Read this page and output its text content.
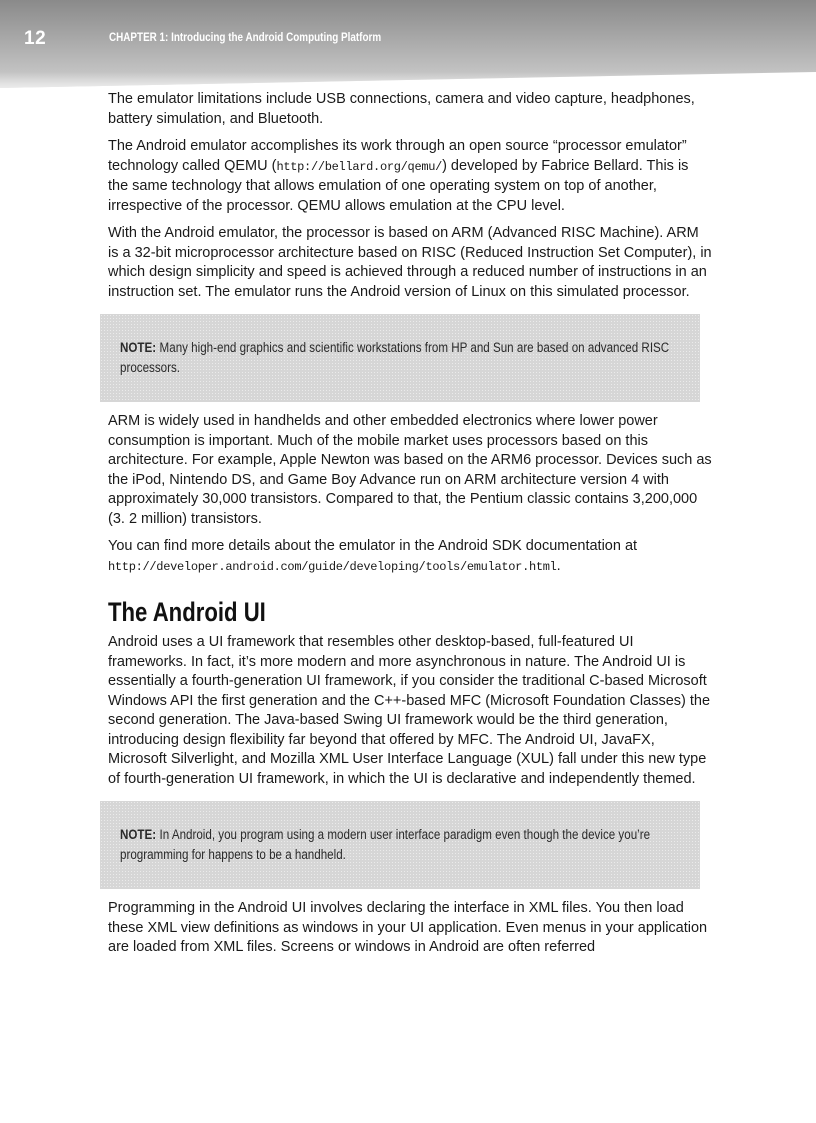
12	CHAPTER 1: Introducing the Android Computing Platform

The emulator limitations include USB connections, camera and video capture, headphones, battery simulation, and Bluetooth.

The Android emulator accomplishes its work through an open source “processor emulator” technology called QEMU (http://bellard.org/qemu/) developed by Fabrice Bellard. This is the same technology that allows emulation of one operating system on top of another, irrespective of the processor. QEMU allows emulation at the CPU level.

With the Android emulator, the processor is based on ARM (Advanced RISC Machine). ARM is a 32-bit microprocessor architecture based on RISC (Reduced Instruction Set Computer), in which design simplicity and speed is achieved through a reduced number of instructions in an instruction set. The emulator runs the Android version of Linux on this simulated processor.

NOTE: Many high-end graphics and scientific workstations from HP and Sun are based on advanced RISC processors.

ARM is widely used in handhelds and other embedded electronics where lower power consumption is important. Much of the mobile market uses processors based on this architecture. For example, Apple Newton was based on the ARM6 processor. Devices such as the iPod, Nintendo DS, and Game Boy Advance run on ARM architecture version 4 with approximately 30,000 transistors. Compared to that, the Pentium classic contains 3,200,000 (3. 2 million) transistors.

You can find more details about the emulator in the Android SDK documentation at http://developer.android.com/guide/developing/tools/emulator.html.

The Android UI

Android uses a UI framework that resembles other desktop-based, full-featured UI frameworks. In fact, it’s more modern and more asynchronous in nature. The Android UI is essentially a fourth-generation UI framework, if you consider the traditional C-based Microsoft Windows API the first generation and the C++-based MFC (Microsoft Foundation Classes) the second generation. The Java-based Swing UI framework would be the third generation, introducing design flexibility far beyond that offered by MFC. The Android UI, JavaFX, Microsoft Silverlight, and Mozilla XML User Interface Language (XUL) fall under this new type of fourth-generation UI framework, in which the UI is declarative and independently themed.

NOTE: In Android, you program using a modern user interface paradigm even though the device you’re programming for happens to be a handheld.

Programming in the Android UI involves declaring the interface in XML files. You then load these XML view definitions as windows in your UI application. Even menus in your application are loaded from XML files. Screens or windows in Android are often referred
